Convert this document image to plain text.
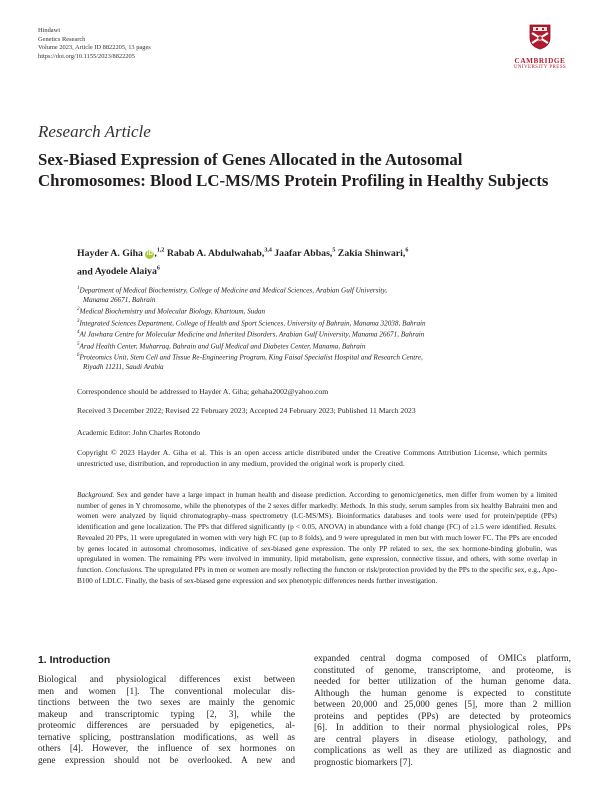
Hindawi
Genetics Research
Volume 2023, Article ID 8822205, 13 pages
https://doi.org/10.1155/2023/8822205
CAMBRIDGE
UNIVERSITY PRESS
Research Article
Sex-Biased Expression of Genes Allocated in the Autosomal Chromosomes: Blood LC-MS/MS Protein Profiling in Healthy Subjects
Hayder A. Giha iD ,$^{1,2}$ Rabab A. Abdulwahab,$^{3,4}$ Jaafar Abbas,$^5$ Zakia Shinwari,$^6$
and Ayodele Alaiya$^6$
$^1$Department of Medical Biochemistry, College of Medicine and Medical Sciences, Arabian Gulf University,
Manama 26671, Bahrain
$^2$Medical Biochemistry and Molecular Biology, Khartoum, Sudan
$^3$Integrated Sciences Department, College of Health and Sport Sciences, University of Bahrain, Manama 32038, Bahrain
$^4$Al Jawhara Centre for Molecular Medicine and Inherited Disorders, Arabian Gulf University, Manama 26671, Bahrain
$^5$Arad Health Center, Muharraq, Bahrain and Gulf Medical and Diabetes Center, Manama, Bahrain
$^6$Proteomics Unit, Stem Cell and Tissue Re-Engineering Program, King Faisal Specialist Hospital and Research Centre,
Riyadh 11211, Saudi Arabia
Correspondence should be addressed to Hayder A. Giha; gehaha2002@yahoo.com
Received 3 December 2022; Revised 22 February 2023; Accepted 24 February 2023; Published 11 March 2023
Academic Editor: John Charles Rotondo
Copyright © 2023 Hayder A. Giha et al. This is an open access article distributed under the Creative Commons Attribution License, which permits unrestricted use, distribution, and reproduction in any medium, provided the original work is properly cited.
Background. Sex and gender have a large impact in human health and disease prediction. According to genomic/genetics, men differ from women by a limited number of genes in Y chromosome, while the phenotypes of the 2 sexes differ markedly. Methods. In this study, serum samples from six healthy Bahraini men and women were analyzed by liquid chromatography–mass spectrometry (LC-MS/MS). Bioinformatics databases and tools were used for protein/peptide (PPs) identification and gene localization. The PPs that differed significantly (p < 0.05, ANOVA) in abundance with a fold change (FC) of ≥1.5 were identified. Results. Revealed 20 PPs, 11 were upregulated in women with very high FC (up to 8 folds), and 9 were upregulated in men but with much lower FC. The PPs are encoded by genes located in autosomal chromosomes, indicative of sex-biased gene expression. The only PP related to sex, the sex hormone-binding globulin, was upregulated in women. The remaining PPs were involved in immunity, lipid metabolism, gene expression, connective tissue, and others, with some overlap in function. Conclusions. The upregulated PPs in men or women are mostly reflecting the functon or risk/protection provided by the PPs to the specific sex, e.g., Apo-B100 of LDLC. Finally, the basis of sex-biased gene expression and sex phenotypic differences needs further investigation.
1. Introduction
Biological and physiological differences exist between
men and women [1]. The conventional molecular dis-
tinctions between the two sexes are mainly the genomic
makeup and transcriptomic typing [2, 3], while the
proteomic differences are persuaded by epigenetics, al-
ternative splicing, posttranslation modifications, as well as
others [4]. However, the influence of sex hormones on
gene expression should not be overlooked. A new and
expanded central dogma composed of OMICs platform,
constituted of genome, transcriptome, and proteome, is
needed for better utilization of the human genome data.
Although the human genome is expected to constitute
between 20,000 and 25,000 genes [5], more than 2 million
proteins and peptides (PPs) are detected by proteomics
[6]. In addition to their normal physiological roles, PPs
are central players in disease etiology, pathology, and
complications as well as they are utilized as diagnostic and
prognostic biomarkers [7].
